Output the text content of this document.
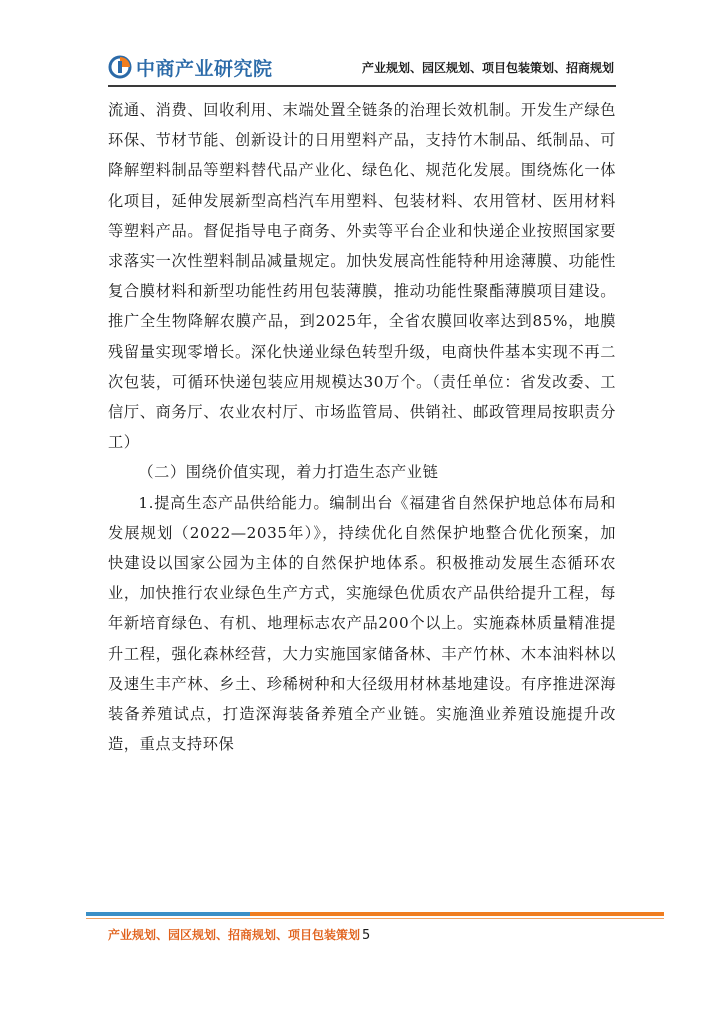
中商产业研究院	产业规划、园区规划、项目包装策划、招商规划

流通、消费、回收利用、末端处置全链条的治理长效机制。开发生产绿色环保、节材节能、创新设计的日用塑料产品，支持竹木制品、纸制品、可降解塑料制品等塑料替代品产业化、绿色化、规范化发展。围绕炼化一体化项目，延伸发展新型高档汽车用塑料、包装材料、农用管材、医用材料等塑料产品。督促指导电子商务、外卖等平台企业和快递企业按照国家要求落实一次性塑料制品减量规定。加快发展高性能特种用途薄膜、功能性复合膜材料和新型功能性药用包装薄膜，推动功能性聚酯薄膜项目建设。推广全生物降解农膜产品，到2025年，全省农膜回收率达到85%，地膜残留量实现零增长。深化快递业绿色转型升级，电商快件基本实现不再二次包装，可循环快递包装应用规模达30万个。（责任单位：省发改委、工信厅、商务厅、农业农村厅、市场监管局、供销社、邮政管理局按职责分工）

（二）围绕价值实现，着力打造生态产业链

1.提高生态产品供给能力。编制出台《福建省自然保护地总体布局和发展规划（2022—2035年）》，持续优化自然保护地整合优化预案，加快建设以国家公园为主体的自然保护地体系。积极推动发展生态循环农业，加快推行农业绿色生产方式，实施绿色优质农产品供给提升工程，每年新培育绿色、有机、地理标志农产品200个以上。实施森林质量精准提升工程，强化森林经营，大力实施国家储备林、丰产竹林、木本油料林以及速生丰产林、乡土、珍稀树种和大径级用材林基地建设。有序推进深海装备养殖试点，打造深海装备养殖全产业链。实施渔业养殖设施提升改造，重点支持环保

产业规划、园区规划、招商规划、项目包装策划 5
